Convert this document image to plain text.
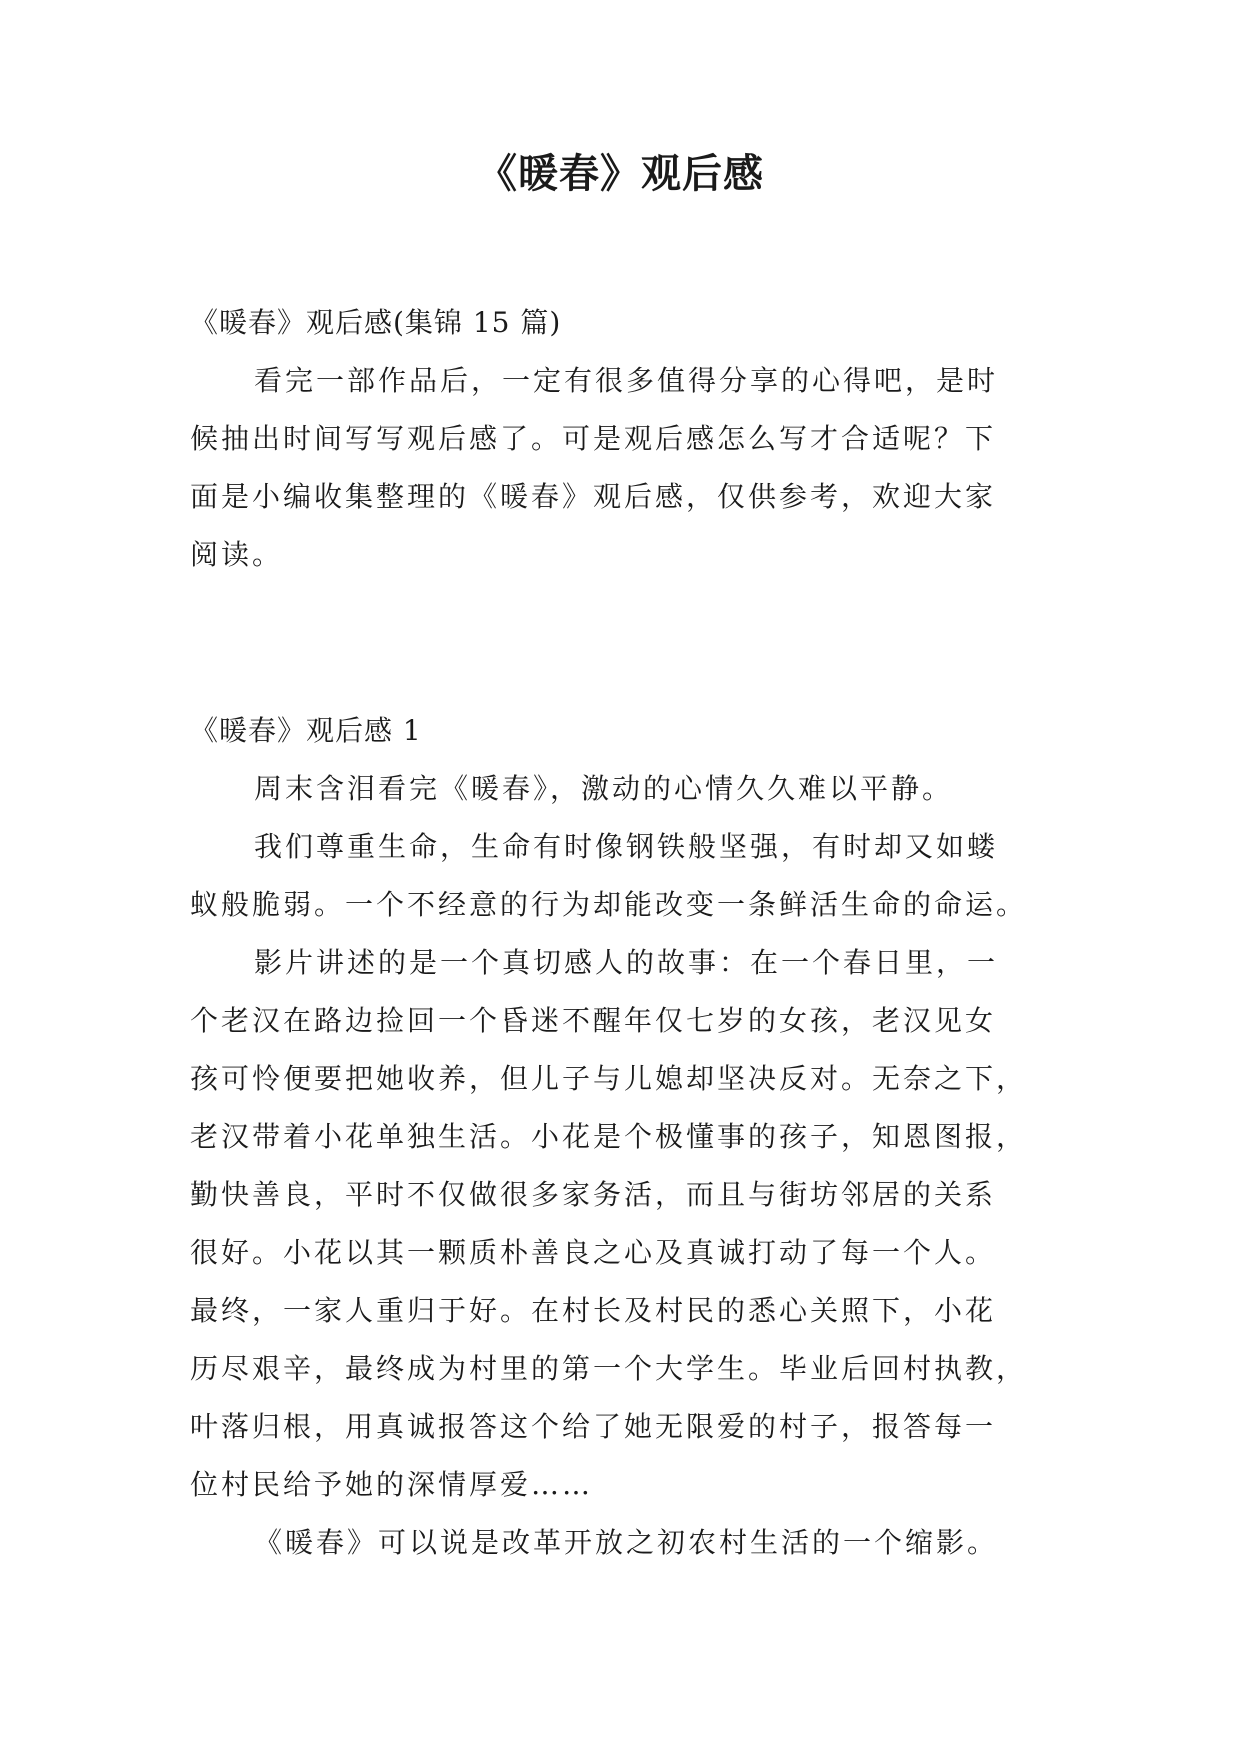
《暖春》观后感
《暖春》观后感(集锦 15 篇)
看完一部作品后，一定有很多值得分享的心得吧，是时
候抽出时间写写观后感了。可是观后感怎么写才合适呢？下
面是小编收集整理的《暖春》观后感，仅供参考，欢迎大家
阅读。
《暖春》观后感 1
周末含泪看完《暖春》，激动的心情久久难以平静。
我们尊重生命，生命有时像钢铁般坚强，有时却又如蝼
蚁般脆弱。一个不经意的行为却能改变一条鲜活生命的命运。
影片讲述的是一个真切感人的故事：在一个春日里，一
个老汉在路边捡回一个昏迷不醒年仅七岁的女孩，老汉见女
孩可怜便要把她收养，但儿子与儿媳却坚决反对。无奈之下，
老汉带着小花单独生活。小花是个极懂事的孩子，知恩图报，
勤快善良，平时不仅做很多家务活，而且与街坊邻居的关系
很好。小花以其一颗质朴善良之心及真诚打动了每一个人。
最终，一家人重归于好。在村长及村民的悉心关照下，小花
历尽艰辛，最终成为村里的第一个大学生。毕业后回村执教，
叶落归根，用真诚报答这个给了她无限爱的村子，报答每一
位村民给予她的深情厚爱……
《暖春》可以说是改革开放之初农村生活的一个缩影。
